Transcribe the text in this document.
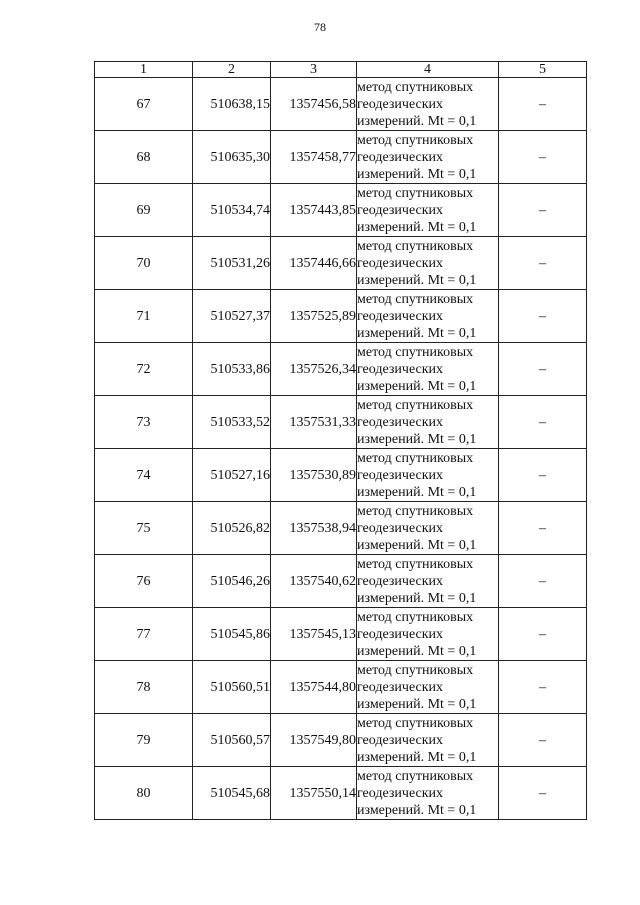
78
1	2	3	4	5
67	510638,15	1357456,58	метод спутниковых
геодезических
измерений. Mt = 0,1	–
68	510635,30	1357458,77	метод спутниковых
геодезических
измерений. Mt = 0,1	–
69	510534,74	1357443,85	метод спутниковых
геодезических
измерений. Mt = 0,1	–
70	510531,26	1357446,66	метод спутниковых
геодезических
измерений. Mt = 0,1	–
71	510527,37	1357525,89	метод спутниковых
геодезических
измерений. Mt = 0,1	–
72	510533,86	1357526,34	метод спутниковых
геодезических
измерений. Mt = 0,1	–
73	510533,52	1357531,33	метод спутниковых
геодезических
измерений. Mt = 0,1	–
74	510527,16	1357530,89	метод спутниковых
геодезических
измерений. Mt = 0,1	–
75	510526,82	1357538,94	метод спутниковых
геодезических
измерений. Mt = 0,1	–
76	510546,26	1357540,62	метод спутниковых
геодезических
измерений. Mt = 0,1	–
77	510545,86	1357545,13	метод спутниковых
геодезических
измерений. Mt = 0,1	–
78	510560,51	1357544,80	метод спутниковых
геодезических
измерений. Mt = 0,1	–
79	510560,57	1357549,80	метод спутниковых
геодезических
измерений. Mt = 0,1	–
80	510545,68	1357550,14	метод спутниковых
геодезических
измерений. Mt = 0,1	–
